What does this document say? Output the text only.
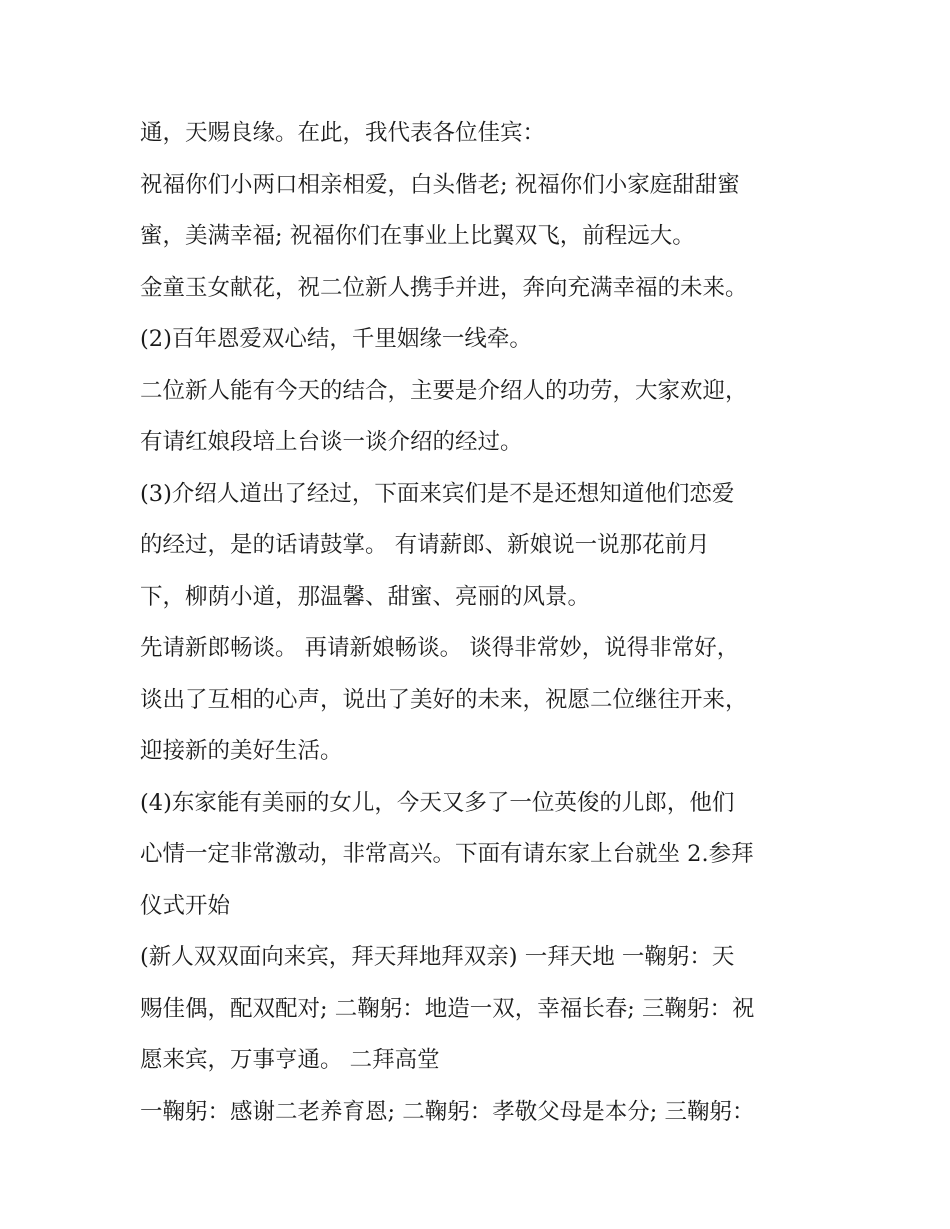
通，天赐良缘。在此，我代表各位佳宾：
祝福你们小两口相亲相爱，白头偕老; 祝福你们小家庭甜甜蜜
蜜，美满幸福; 祝福你们在事业上比翼双飞，前程远大。
金童玉女献花，祝二位新人携手并进，奔向充满幸福的未来。
(2)百年恩爱双心结，千里姻缘一线牵。
二位新人能有今天的结合，主要是介绍人的功劳，大家欢迎，
有请红娘段培上台谈一谈介绍的经过。
(3)介绍人道出了经过，下面来宾们是不是还想知道他们恋爱
的经过，是的话请鼓掌。 有请薪郎、新娘说一说那花前月
下，柳荫小道，那温馨、甜蜜、亮丽的风景。
先请新郎畅谈。 再请新娘畅谈。 谈得非常妙，说得非常好，
谈出了互相的心声，说出了美好的未来，祝愿二位继往开来，
迎接新的美好生活。
(4)东家能有美丽的女儿，今天又多了一位英俊的儿郎，他们
心情一定非常激动，非常高兴。下面有请东家上台就坐 2.参拜
仪式开始
(新人双双面向来宾，拜天拜地拜双亲) 一拜天地 一鞠躬：天
赐佳偶，配双配对; 二鞠躬：地造一双，幸福长春; 三鞠躬：祝
愿来宾，万事亨通。 二拜高堂
一鞠躬：感谢二老养育恩; 二鞠躬：孝敬父母是本分; 三鞠躬：
